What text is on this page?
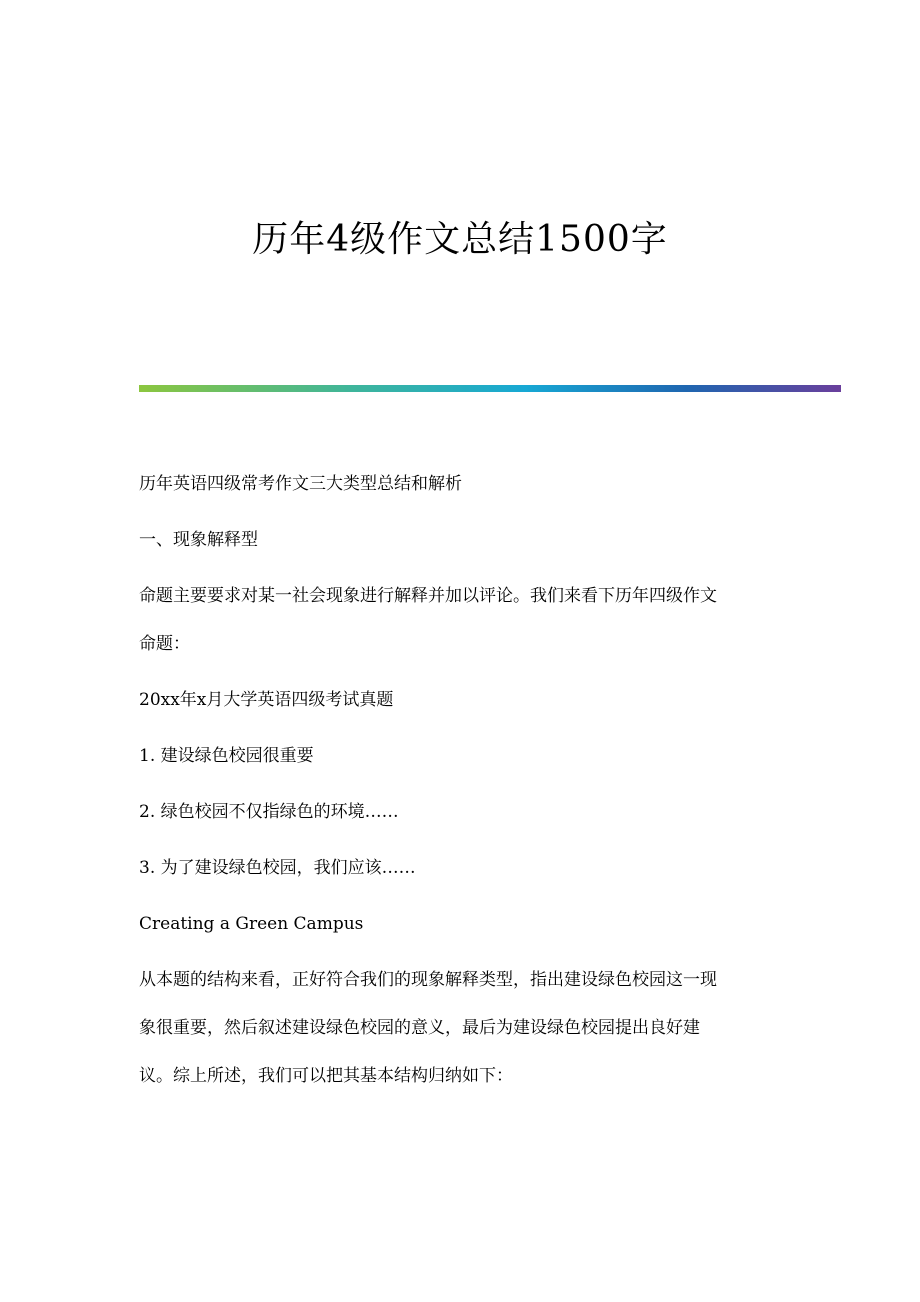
历年4级作文总结1500字

历年英语四级常考作文三大类型总结和解析

一、现象解释型

命题主要要求对某一社会现象进行解释并加以评论。我们来看下历年四级作文

命题：

20xx年x月大学英语四级考试真题

1. 建设绿色校园很重要

2. 绿色校园不仅指绿色的环境……

3. 为了建设绿色校园，我们应该……

Creating a Green Campus

从本题的结构来看，正好符合我们的现象解释类型，指出建设绿色校园这一现

象很重要，然后叙述建设绿色校园的意义，最后为建设绿色校园提出良好建

议。综上所述，我们可以把其基本结构归纳如下：
